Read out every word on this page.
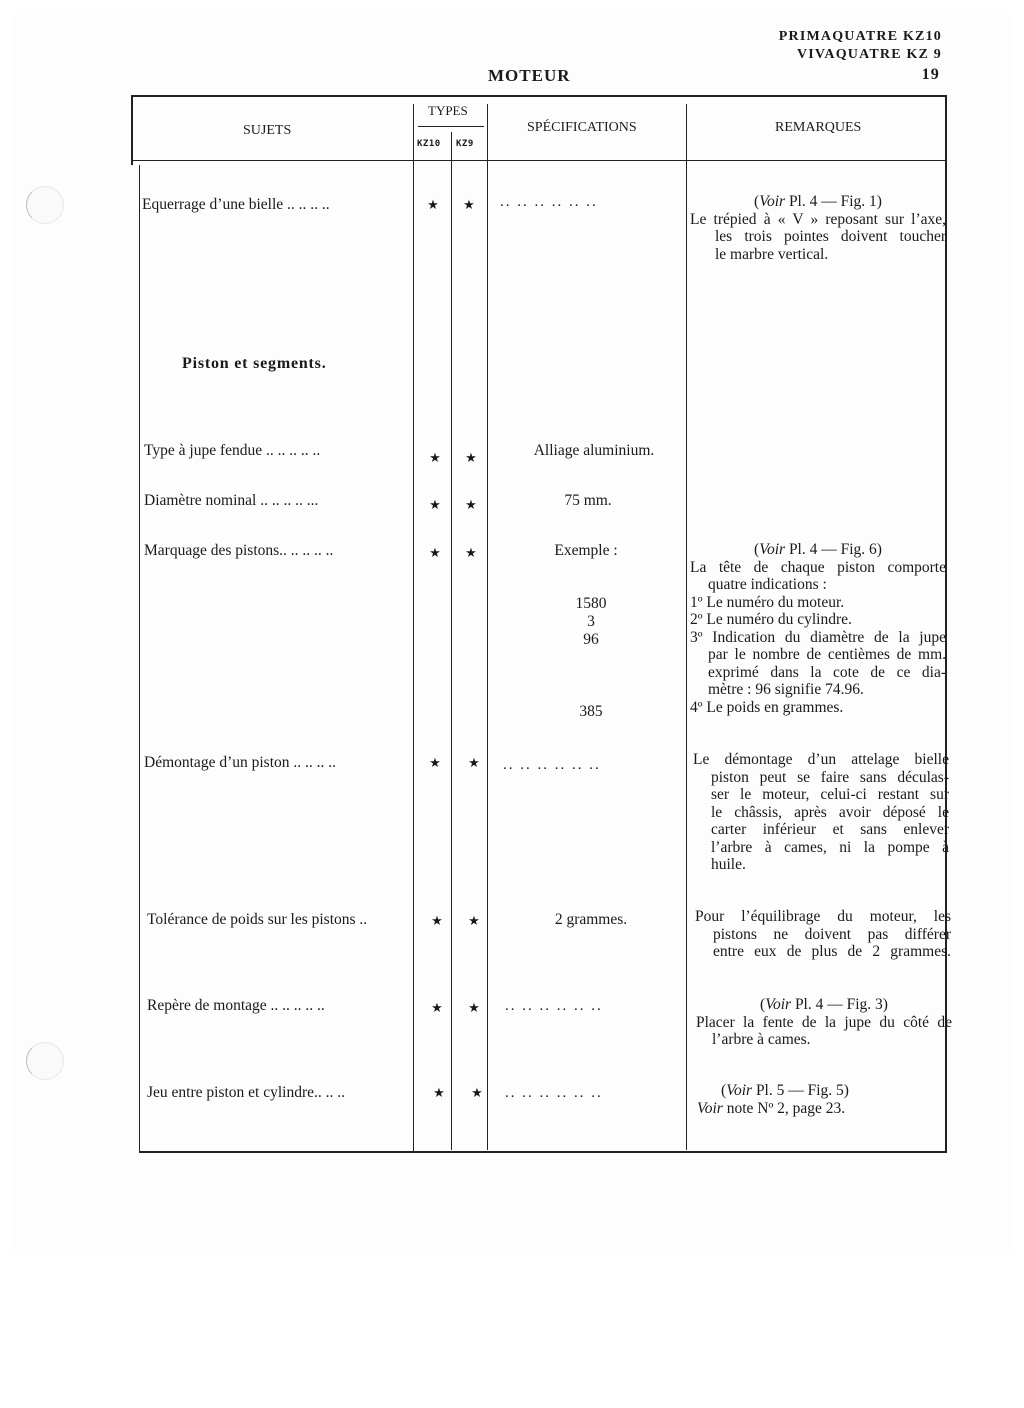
PRIMAQUATRE KZ10
VIVAQUATRE KZ 9
MOTEUR	19
SUJETS
TYPES
KZ10 KZ9
SPÉCIFICATIONS	REMARQUES
Equerrage d’une bielle .. .. .. ..	★	★ .. .. .. .. .. ..	(Voir Pl. 4 — Fig. 1)
Le trépied à « V » reposant sur l’axe,
les trois pointes doivent toucher
le marbre vertical.
Piston et segments.
Type à jupe fendue .. .. .. .. ..	★	★	Alliage aluminium.
Diamètre nominal .. .. .. .. ...	★	★	75 mm.
Marquage des pistons.. .. .. .. ..	★	★	Exemple :
1580
3
96
385
(Voir Pl. 4 — Fig. 6)
La tête de chaque piston comporte
quatre indications :
1º Le numéro du moteur.
2º Le numéro du cylindre.
3º Indication du diamètre de la jupe
par le nombre de centièmes de mm.
exprimé dans la cote de ce dia-
mètre : 96 signifie 74.96.
4º Le poids en grammes.
Démontage d’un piston .. .. .. ..	★	★ .. .. .. .. .. ..	Le démontage d’un attelage bielle
piston peut se faire sans déculas-
ser le moteur, celui-ci restant sur
le châssis, après avoir déposé le
carter inférieur et sans enlever
l’arbre à cames, ni la pompe à
huile.
Tolérance de poids sur les pistons ..	★	★	2 grammes.	Pour l’équilibrage du moteur, les
pistons ne doivent pas différer
entre eux de plus de 2 grammes.
Repère de montage .. .. .. .. ..	★	★ .. .. .. .. .. ..	(Voir Pl. 4 — Fig. 3)
Placer la fente de la jupe du côté de
l’arbre à cames.
Jeu entre piston et cylindre.. .. ..	★	★ .. .. .. .. .. ..	(Voir Pl. 5 — Fig. 5)
Voir note Nº 2, page 23.
